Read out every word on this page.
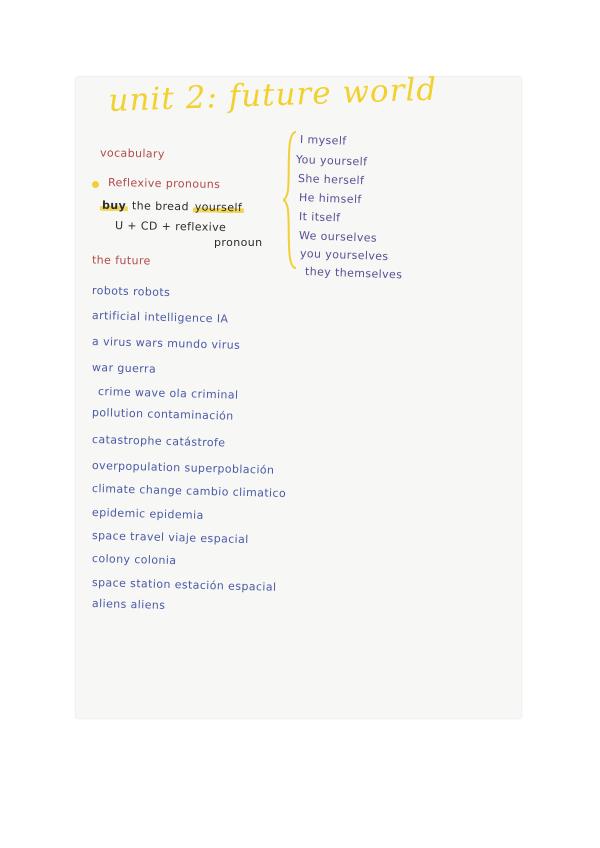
unit 2: future world
vocabulary
Reflexive pronouns
buy the bread yourself
U + CD + reflexive
pronoun
I myself
You yourself
She herself
He himself
It itself
We ourselves
you yourselves
they themselves
the future
robots robots
artificial intelligence IA
a virus wars mundo virus
war guerra
crime wave ola criminal
pollution contaminación
catastrophe catástrofe
overpopulation superpoblación
climate change cambio climatico
epidemic epidemia
space travel viaje espacial
colony colonia
space station estación espacial
aliens aliens
